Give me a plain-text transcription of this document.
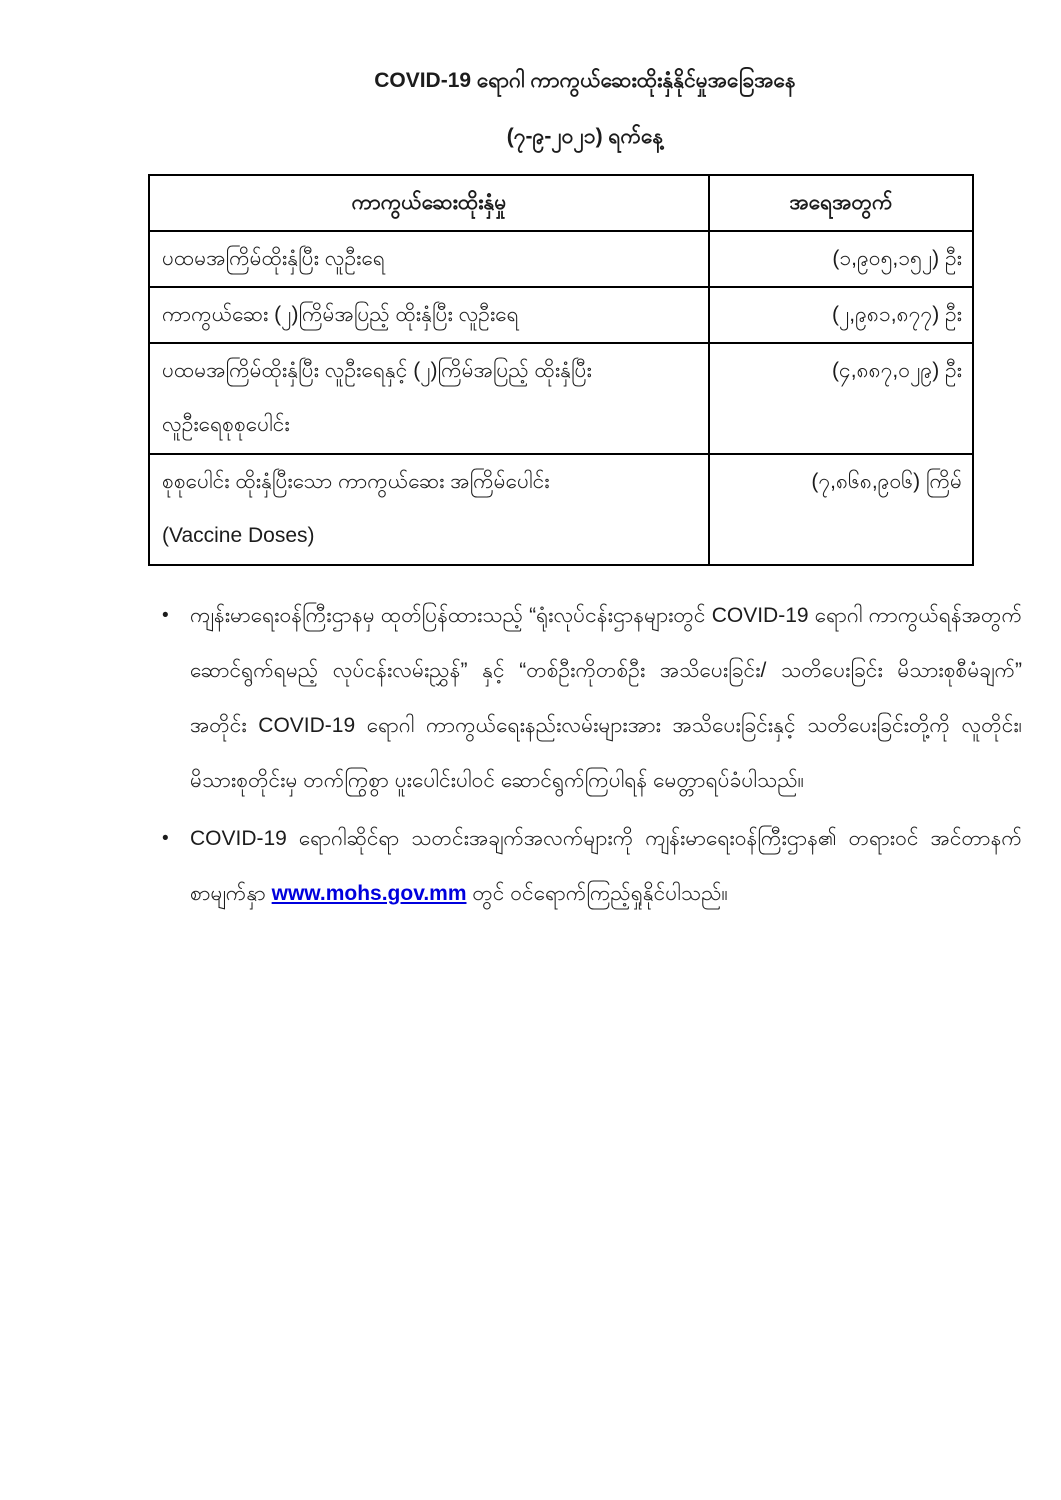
COVID-19 ရောဂါ ကာကွယ်ဆေးထိုးနှံနိုင်မှုအခြေအနေ
(၇-၉-၂၀၂၁) ရက်နေ့
ကာကွယ်ဆေးထိုးနှံမှု	အရေအတွက်

ပထမအကြိမ်ထိုးနှံပြီး လူဦးရေ	(၁,၉၀၅,၁၅၂) ဦး

ကာကွယ်ဆေး (၂)ကြိမ်အပြည့် ထိုးနှံပြီး လူဦးရေ	(၂,၉၈၁,၈၇၇) ဦး

ပထမအကြိမ်ထိုးနှံပြီး လူဦးရေနှင့် (၂)ကြိမ်အပြည့် ထိုးနှံပြီး
လူဦးရေစုစုပေါင်း	(၄,၈၈၇,၀၂၉) ဦး

စုစုပေါင်း ထိုးနှံပြီးသော ကာကွယ်ဆေး အကြိမ်ပေါင်း
(Vaccine Doses)	(၇,၈၆၈,၉၀၆) ကြိမ်
• ကျန်းမာရေးဝန်ကြီးဌာနမှ ထုတ်ပြန်ထားသည့် “ရုံးလုပ်ငန်းဌာနများတွင် COVID-19 ရောဂါ ကာကွယ်ရန်အတွက် ဆောင်ရွက်ရမည့် လုပ်ငန်းလမ်းညွှန်” နှင့် “တစ်ဦးကိုတစ်ဦး အသိပေးခြင်း/ သတိပေးခြင်း မိသားစုစီမံချက်” အတိုင်း COVID-19 ရောဂါ ကာကွယ်ရေးနည်းလမ်းများအား အသိပေးခြင်းနှင့် သတိပေးခြင်းတို့ကို လူတိုင်း၊ မိသားစုတိုင်းမှ တက်ကြွစွာ ပူးပေါင်းပါဝင် ဆောင်ရွက်ကြပါရန် မေတ္တာရပ်ခံပါသည်။
• COVID-19 ရောဂါဆိုင်ရာ သတင်းအချက်အလက်များကို ကျန်းမာရေးဝန်ကြီးဌာန၏ တရားဝင် အင်တာနက်စာမျက်နှာ www.mohs.gov.mm တွင် ဝင်ရောက်ကြည့်ရှုနိုင်ပါသည်။
